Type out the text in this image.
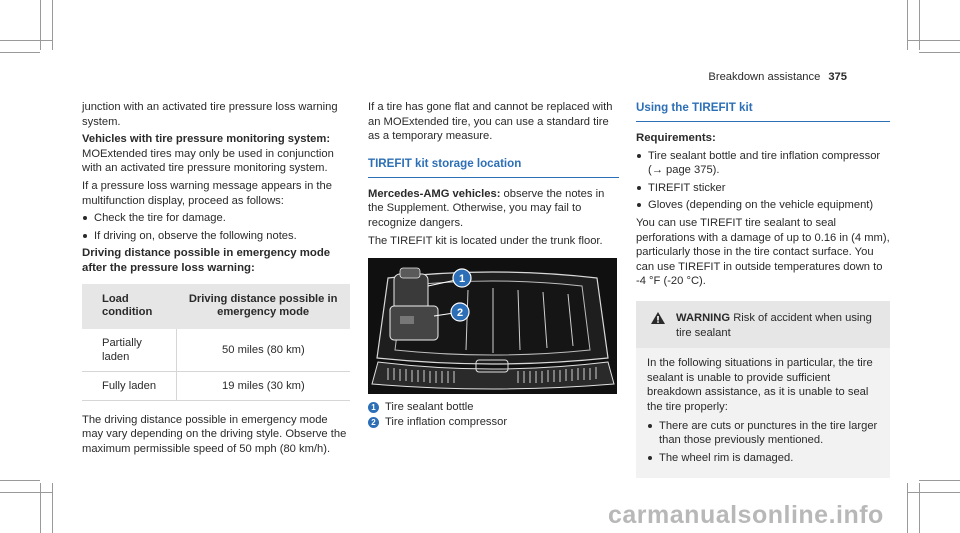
Breakdown assistance 375

junction with an activated tire pressure loss warning system.

Vehicles with tire pressure monitoring system: MOExtended tires may only be used in conjunction with an activated tire pressure monitoring system.

If a pressure loss warning message appears in the multifunction display, proceed as follows:

Check the tire for damage.
If driving on, observe the following notes.

Driving distance possible in emergency mode after the pressure loss warning:

Load condition	Driving distance possible in emergency mode
Partially laden	50 miles (80 km)
Fully laden	19 miles (30 km)

The driving distance possible in emergency mode may vary depending on the driving style. Observe the maximum permissible speed of 50 mph (80 km/h).

If a tire has gone flat and cannot be replaced with an MOExtended tire, you can use a standard tire as a temporary measure.

TIREFIT kit storage location

Mercedes-AMG vehicles: observe the notes in the Supplement. Otherwise, you may fail to recognize dangers.

The TIREFIT kit is located under the trunk floor.

1
2
1 Tire sealant bottle
2 Tire inflation compressor
Using the TIREFIT kit

Requirements:

Tire sealant bottle and tire inflation compressor (→ page 375).
TIREFIT sticker
Gloves (depending on the vehicle equipment)

You can use TIREFIT tire sealant to seal perforations with a damage of up to 0.16 in (4 mm), particularly those in the tire contact surface. You can use TIREFIT in outside temperatures down to -4 °F (-20 °C).

WARNING Risk of accident when using tire sealant

In the following situations in particular, the tire sealant is unable to provide sufficient breakdown assistance, as it is unable to seal the tire properly:

There are cuts or punctures in the tire larger than those previously mentioned.
The wheel rim is damaged.
carmanualsonline.info
